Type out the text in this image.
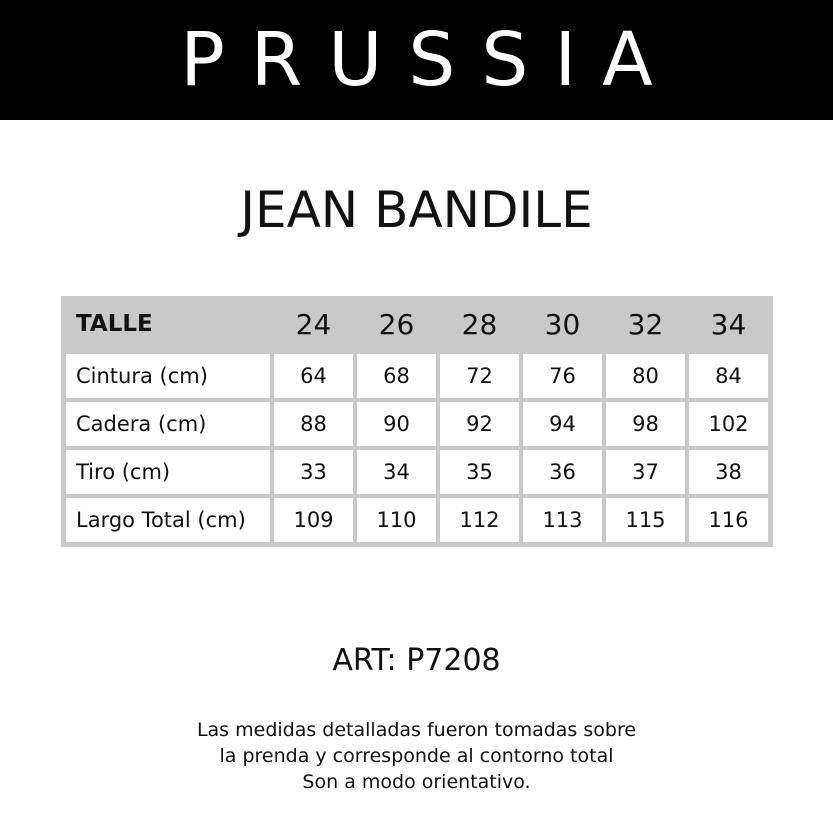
PRUSSIA
JEAN BANDILE
TALLE	24	26	28	30	32	34
Cintura (cm)	64	68	72	76	80	84
Cadera (cm)	88	90	92	94	98	102
Tiro (cm)	33	34	35	36	37	38
Largo Total (cm)	109	110	112	113	115	116
ART: P7208
Las medidas detalladas fueron tomadas sobre
la prenda y corresponde al contorno total
Son a modo orientativo.
